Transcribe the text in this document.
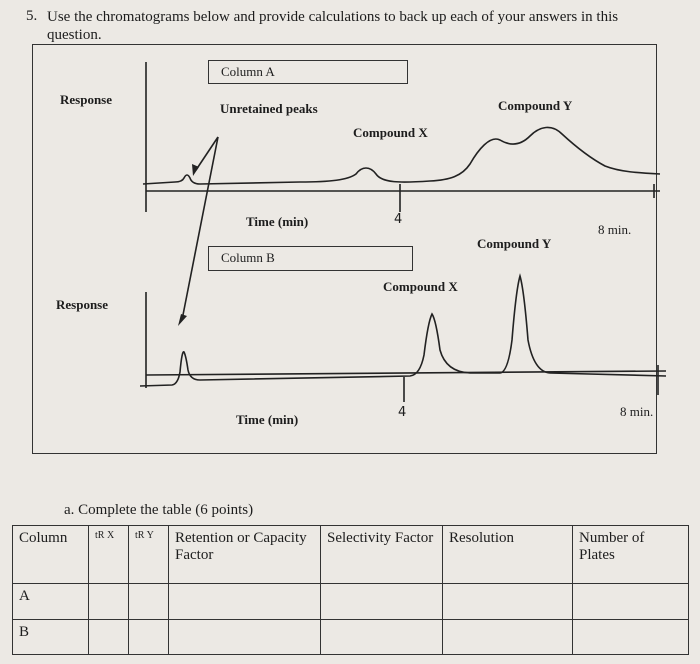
5. Use the chromatograms below and provide calculations to back up each of your answers in this question.
Column A
Response
Unretained peaks	Compound Y
Compound X
Time (min)	4
8 min.
Column B
Compound Y
Compound X
Response
Time (min)	4	8 min.
a. Complete the table (6 points)
Column	tR X	tR Y	Retention or Capacity Factor	Selectivity Factor	Resolution	Number of Plates
A						
B						
